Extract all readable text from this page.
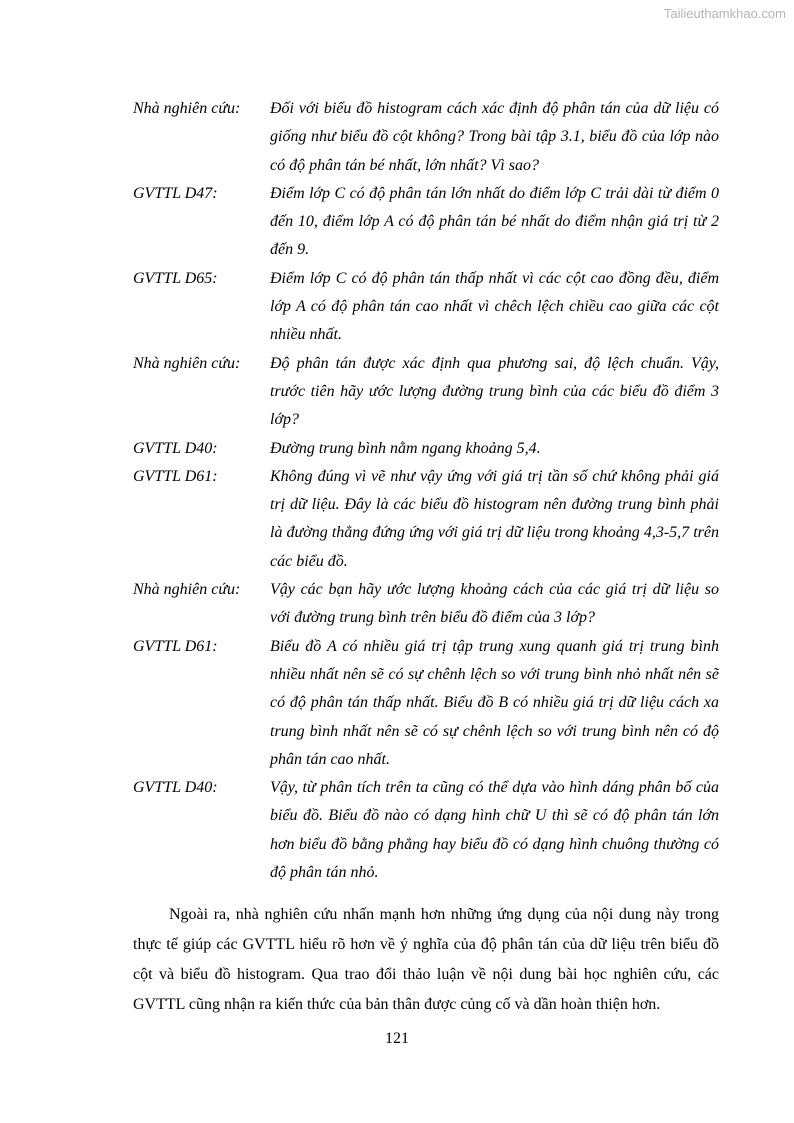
Tailieuthamkhao.com
Nhà nghiên cứu:	Đối với biểu đồ histogram cách xác định độ phân tán của dữ liệu có giống như biểu đồ cột không? Trong bài tập 3.1, biểu đồ của lớp nào có độ phân tán bé nhất, lớn nhất? Vì sao?
GVTTL D47:	Điểm lớp C có độ phân tán lớn nhất do điểm lớp C trải dài từ điểm 0 đến 10, điểm lớp A có độ phân tán bé nhất do điểm nhận giá trị từ 2 đến 9.
GVTTL D65:	Điểm lớp C có độ phân tán thấp nhất vì các cột cao đồng đều, điểm lớp A có độ phân tán cao nhất vì chêch lệch chiều cao giữa các cột nhiều nhất.
Nhà nghiên cứu:	Độ phân tán được xác định qua phương sai, độ lệch chuẩn. Vậy, trước tiên hãy ước lượng đường trung bình của các biểu đồ điểm 3 lớp?
GVTTL D40:	Đường trung bình nằm ngang khoảng 5,4.
GVTTL D61:	Không đúng vì vẽ như vậy ứng với giá trị tần số chứ không phải giá trị dữ liệu. Đây là các biểu đồ histogram nên đường trung bình phải là đường thẳng đứng ứng với giá trị dữ liệu trong khoảng 4,3-5,7 trên các biểu đồ.
Nhà nghiên cứu:	Vậy các bạn hãy ước lượng khoảng cách của các giá trị dữ liệu so với đường trung bình trên biểu đồ điểm của 3 lớp?
GVTTL D61:	Biểu đồ A có nhiều giá trị tập trung xung quanh giá trị trung bình nhiều nhất nên sẽ có sự chênh lệch so với trung bình nhỏ nhất nên sẽ có độ phân tán thấp nhất. Biểu đồ B có nhiều giá trị dữ liệu cách xa trung bình nhất nên sẽ có sự chênh lệch so với trung bình nên có độ phân tán cao nhất.
GVTTL D40:	Vậy, từ phân tích trên ta cũng có thể dựa vào hình dáng phân bố của biểu đồ. Biểu đồ nào có dạng hình chữ U thì sẽ có độ phân tán lớn hơn biểu đồ bằng phẳng hay biểu đồ có dạng hình chuông thường có độ phân tán nhỏ.

Ngoài ra, nhà nghiên cứu nhấn mạnh hơn những ứng dụng của nội dung này trong thực tế giúp các GVTTL hiểu rõ hơn về ý nghĩa của độ phân tán của dữ liệu trên biểu đồ cột và biểu đồ histogram. Qua trao đổi thảo luận về nội dung bài học nghiên cứu, các GVTTL cũng nhận ra kiến thức của bản thân được củng cố và dần hoàn thiện hơn.

121
